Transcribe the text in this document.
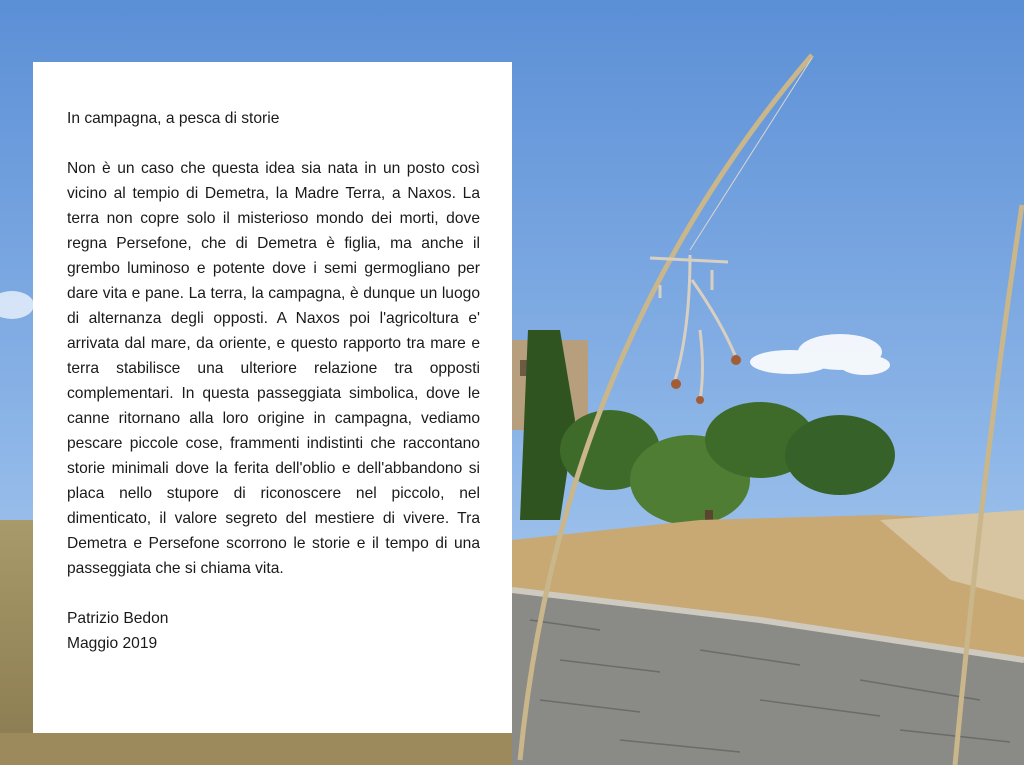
In campagna, a pesca di storie

Non è un caso che questa idea sia nata in un posto così vicino al tempio di Demetra, la Madre Terra, a Naxos. La terra non copre solo il misterioso mondo dei morti, dove regna Persefone, che di Demetra è figlia, ma anche il grembo luminoso e potente dove i semi germogliano per dare vita e pane. La terra, la campagna, è dunque un luogo di alternanza degli opposti. A Naxos poi l'agricoltura e' arrivata dal mare, da oriente, e questo rapporto tra mare e terra stabilisce una ulteriore relazione tra opposti complementari. In questa passeggiata simbolica, dove le canne ritornano alla loro origine in campagna, vediamo pescare piccole cose, frammenti indistinti che raccontano storie minimali dove la ferita dell'oblio e dell'abbandono si placa nello stupore di riconoscere nel piccolo, nel dimenticato, il valore segreto del mestiere di vivere. Tra Demetra e Persefone scorrono le storie e il tempo di una passeggiata che si chiama vita.

Patrizio Bedon
Maggio 2019
